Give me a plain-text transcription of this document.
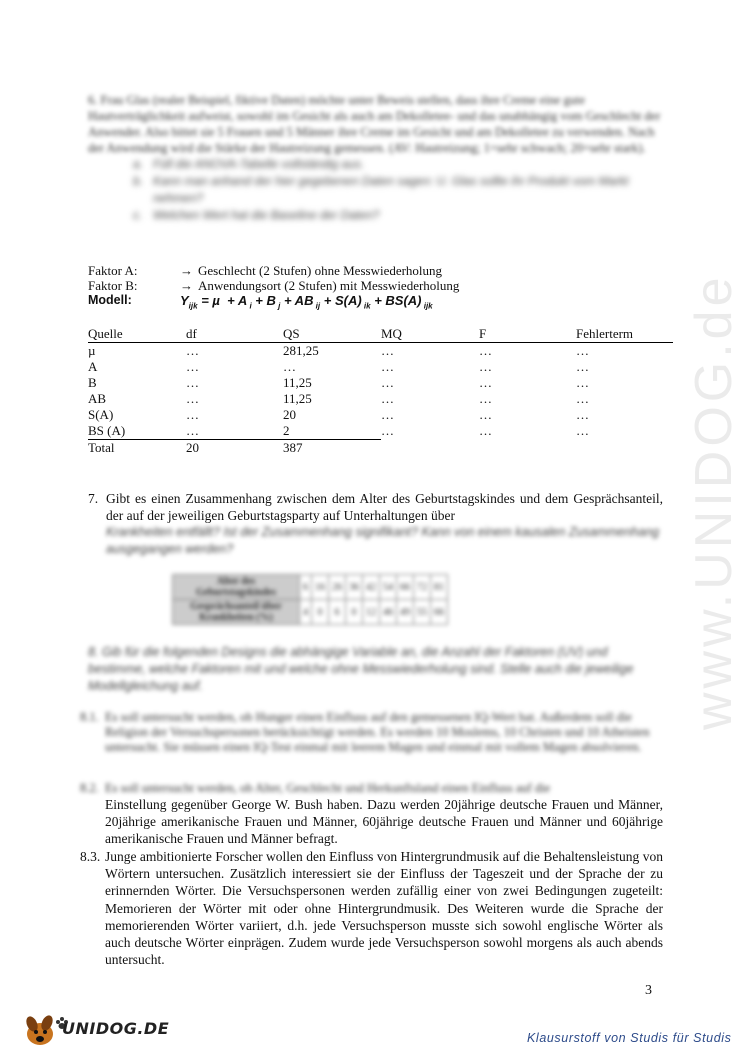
www.UNIDOG.de
6. Frau Glas (realer Beispiel, fiktive Daten) möchte unter Beweis stellen, dass ihre Creme eine gute Hautverträglichkeit aufweist, sowohl im Gesicht als auch am Dekolletee- und das unabhängig vom Geschlecht der Anwender. Also bittet sie 5 Frauen und 5 Männer ihre Creme im Gesicht und am Dekolletee zu verwenden. Nach der Anwendung wird die Stärke der Hautreizung gemessen. (AV: Hautreizung; 1=sehr schwach; 20=sehr stark).
a. Füll die ANOVA-Tabelle vollständig aus.
b. Kann man anhand der hier gegebenen Daten sagen: U. Glas sollte ihr Produkt vom Markt nehmen?
c. Welchen Wert hat die Baseline der Daten?
Faktor A:	→ Geschlecht (2 Stufen) ohne Messwiederholung
Faktor B:	→ Anwendungsort (2 Stufen) mit Messwiederholung
Modell:	$Y_{ijk} = \mu + A$ $_i$ + B $_j$ + AB $_{ij}$ + S(A) $_{ik}$ + BS(A) $_{ijk}$
Quelle	df	QS	MQ	F	Fehlerterm
µ	…	281,25	…	…	…
A	…	…	…	…	…
B	…	11,25	…	…	…
AB	…	11,25	…	…	…
S(A)	…	20	…	…	…
BS (A)	…	2	…	…	…
Total	20	387			
7. Gibt es einen Zusammenhang zwischen dem Alter des Geburtstagskindes und dem Gesprächsanteil, der auf der jeweiligen Geburtstagsparty auf Unterhaltungen über
Krankheiten entfällt? Ist der Zusammenhang signifikant? Kann von einem kausalen Zusammenhang ausgegangen werden?
Alter des Geburtstagskindes	6	16	26	36	42	54	66	72	81
Gesprächsanteil über Krankheiten (%)	4	0	6	0	12	46	49	55	66
8. Gib für die folgenden Designs die abhängige Variable an, die Anzahl der Faktoren (UV) und bestimme, welche Faktoren mit und welche ohne Messwiederholung sind. Stelle auch die jeweilige Modellgleichung auf.
8.1. Es soll untersucht werden, ob Hunger einen Einfluss auf den gemessenen IQ-Wert hat. Außerdem soll die Religion der Versuchspersonen berücksichtigt werden. Es werden 10 Moslems, 10 Christen und 10 Atheisten untersucht. Sie müssen einen IQ-Test einmal mit leerem Magen und einmal mit vollem Magen absolvieren.
8.2. Es soll untersucht werden, ob Alter, Geschlecht und Herkunftsland einen Einfluss auf die
Einstellung gegenüber George W. Bush haben. Dazu werden 20jährige deutsche Frauen und Männer, 20jährige amerikanische Frauen und Männer, 60jährige deutsche Frauen und Männer und 60jährige amerikanische Frauen und Männer befragt.
8.3. Junge ambitionierte Forscher wollen den Einfluss von Hintergrundmusik auf die Behaltensleistung von Wörtern untersuchen. Zusätzlich interessiert sie der Einfluss der Tageszeit und der Sprache der zu erinnernden Wörter. Die Versuchspersonen werden zufällig einer von zwei Bedingungen zugeteilt: Memorieren der Wörter mit oder ohne Hintergrundmusik. Des Weiteren wurde die Sprache der memorierenden Wörter variiert, d.h. jede Versuchsperson musste sich sowohl englische Wörter als auch deutsche Wörter einprägen. Zudem wurde jede Versuchsperson sowohl morgens als auch abends untersucht.
3
UNIDOG.DE	Klausurstoff von Studis für Studis
